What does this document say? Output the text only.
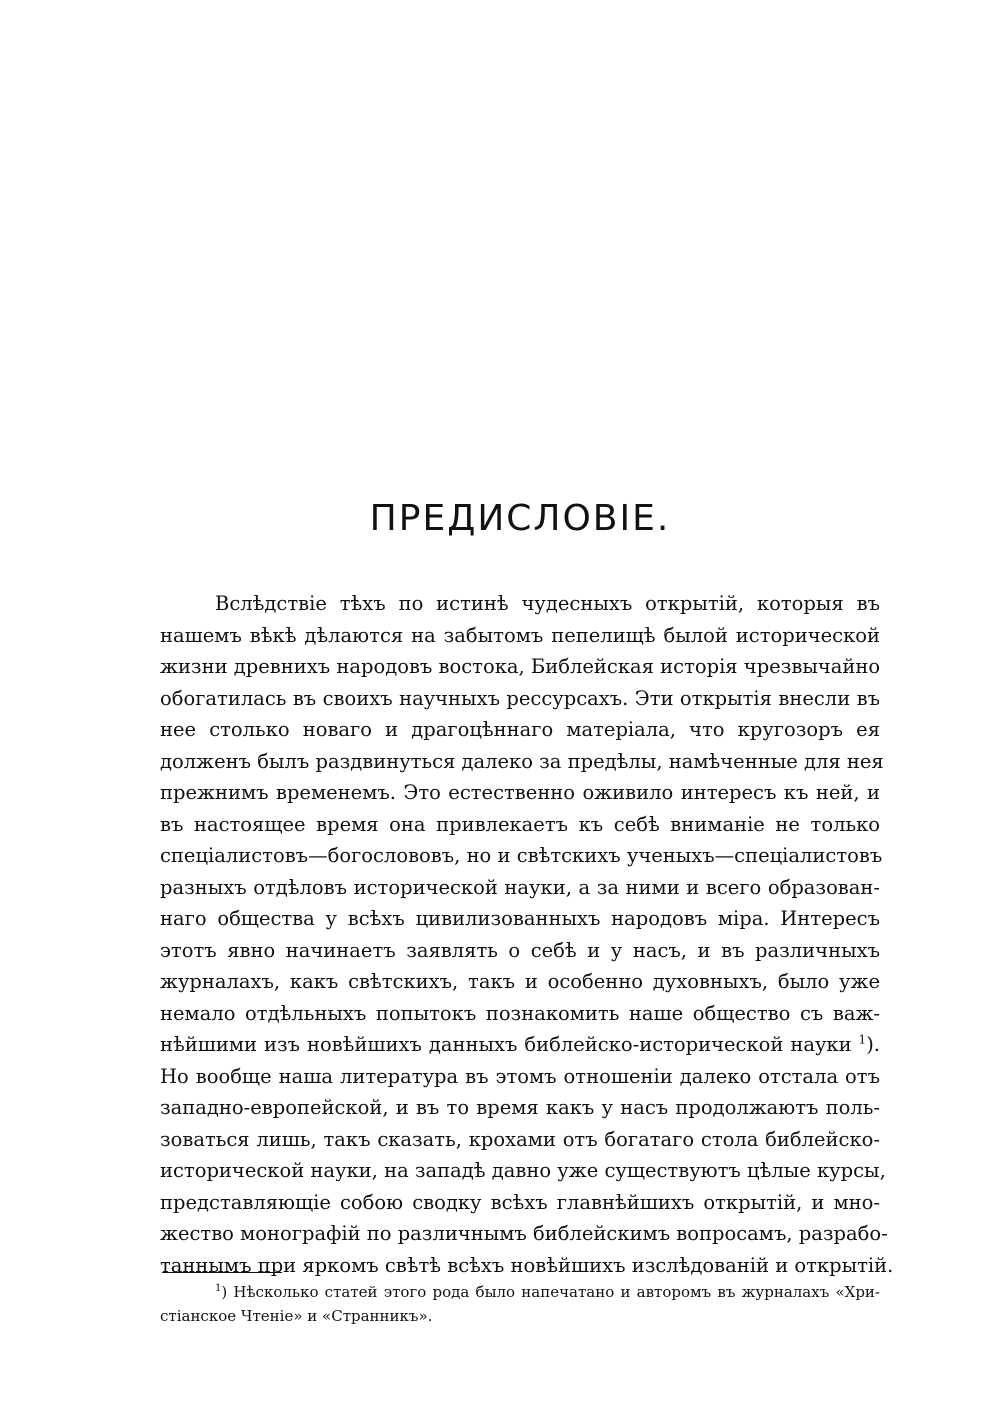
ПРЕДИСЛОВІЕ.
Вслѣдствіе тѣхъ по истинѣ чудесныхъ открытій, которыя въ
нашемъ вѣкѣ дѣлаются на забытомъ пепелищѣ былой исторической
жизни древнихъ народовъ востока, Библейская исторія чрезвычайно
обогатилась въ своихъ научныхъ рессурсахъ. Эти открытія внесли въ
нее столько новаго и драгоцѣннаго матеріала, что кругозоръ ея
долженъ былъ раздвинуться далеко за предѣлы, намѣченные для нея
прежнимъ временемъ. Это естественно оживило интересъ къ ней, и
въ настоящее время она привлекаетъ къ себѣ вниманіе не только
спеціалистовъ—богослововъ, но и свѣтскихъ ученыхъ—спеціалистовъ
разныхъ отдѣловъ исторической науки, а за ними и всего образован-
наго общества у всѣхъ цивилизованныхъ народовъ міра. Интересъ
этотъ явно начинаетъ заявлять о себѣ и у насъ, и въ различныхъ
журналахъ, какъ свѣтскихъ, такъ и особенно духовныхъ, было уже
немало отдѣльныхъ попытокъ познакомить наше общество съ важ-
нѣйшими изъ новѣйшихъ данныхъ библейско-исторической науки $^1$).
Но вообще наша литература въ этомъ отношеніи далеко отстала отъ
западно-европейской, и въ то время какъ у насъ продолжаютъ поль-
зоваться лишь, такъ сказать, крохами отъ богатаго стола библейско-
исторической науки, на западѣ давно уже существуютъ цѣлые курсы,
представляющіе собою сводку всѣхъ главнѣйшихъ открытій, и мно-
жество монографій по различнымъ библейскимъ вопросамъ, разрабо-
таннымъ при яркомъ свѣтѣ всѣхъ новѣйшихъ изслѣдованій и открытій.
$^1$) Нѣсколько статей этого рода было напечатано и авторомъ въ журналахъ «Хри-
стіанское Чтеніе» и «Странникъ».
